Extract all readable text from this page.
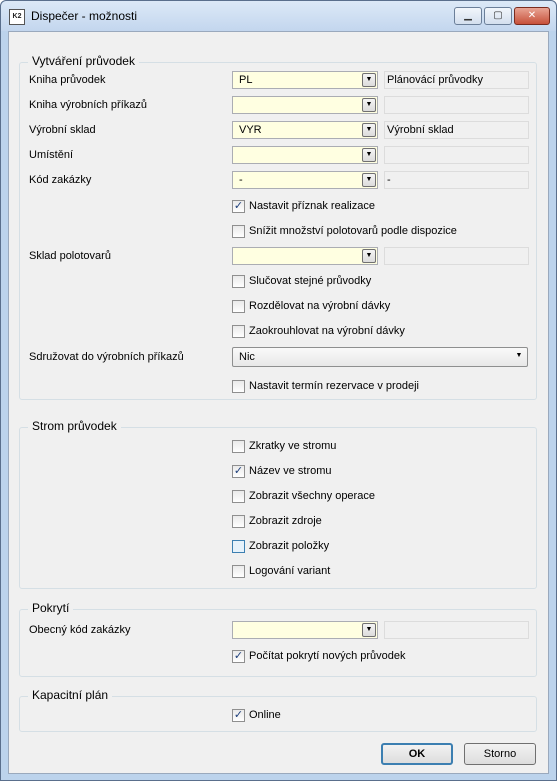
K2 Dispečer - možnosti	▁	▢	✕
Vytváření průvodek
Kniha průvodek	PL	▼	Plánovácí průvodky
Kniha výrobních příkazů	▼
Výrobní sklad	VYR	▼	Výrobní sklad
Umístění	▼
Kód zakázky	-	▼	-
✓ Nastavit příznak realizace
Snížit množství polotovarů podle dispozice
Sklad polotovarů	▼
Slučovat stejné průvodky
Rozdělovat na výrobní dávky
Zaokrouhlovat na výrobní dávky
Sdružovat do výrobních příkazů	Nic	▼
Nastavit termín rezervace v prodeji
Strom průvodek
Zkratky ve stromu
✓ Název ve stromu
Zobrazit všechny operace
Zobrazit zdroje
Zobrazit položky
Logování variant
Pokrytí
Obecný kód zakázky	▼
✓ Počítat pokrytí nových průvodek
Kapacitní plán
✓ Online
OK	Storno
